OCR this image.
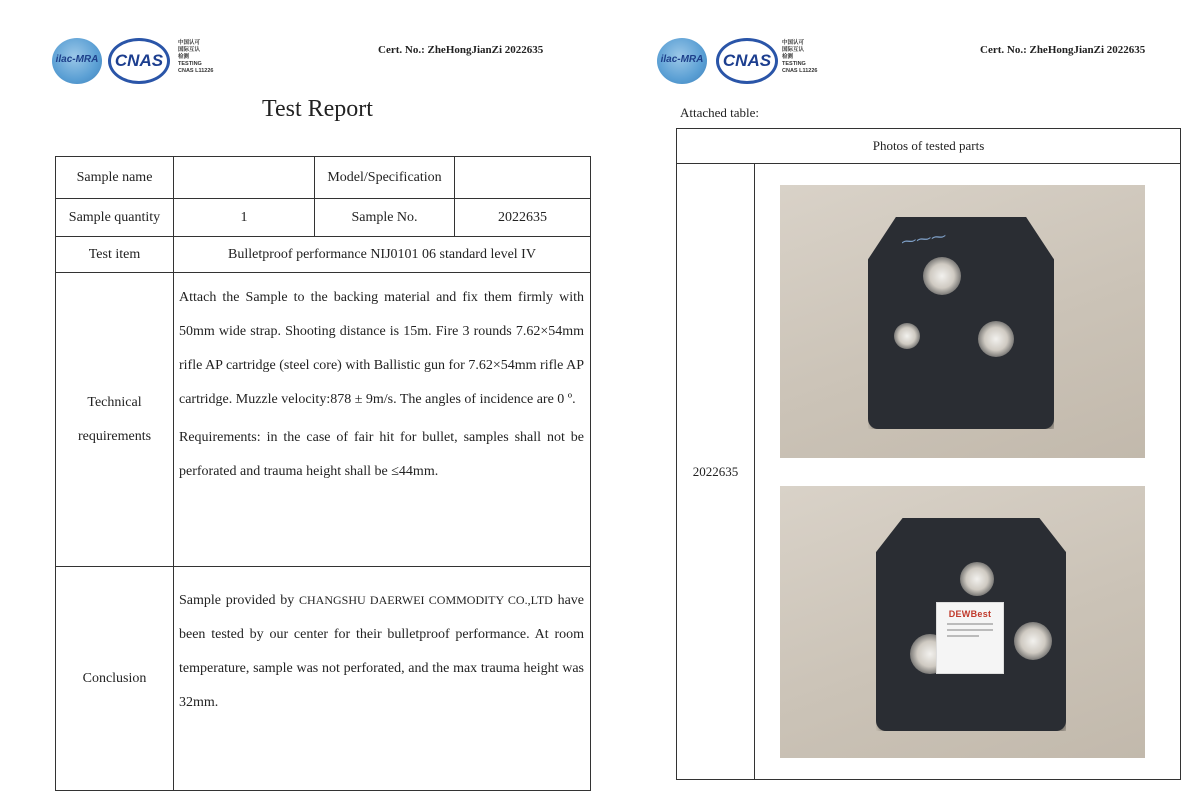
ilac-MRA CNAS
中国认可
国际互认
检测
TESTING
CNAS L11226
Cert. No.: ZheHongJianZi 2022635
Test Report
Sample name		Model/Specification	
Sample quantity	1	Sample No.	2022635
Test item	Bulletproof performance NIJ0101 06 standard level IV		
Technical requirements	Attach the Sample to the backing material and fix them firmly with 50mm wide strap. Shooting distance is 15m. Fire 3 rounds 7.62×54mm rifle AP cartridge (steel core) with Ballistic gun for 7.62×54mm rifle AP cartridge. Muzzle velocity:878 ± 9m/s. The angles of incidence are 0 º.

Requirements: in the case of fair hit for bullet, samples shall not be perforated and trauma height shall be ≤44mm.		

Conclusion	Sample provided by CHANGSHU DAERWEI COMMODITY CO.,LTD have been tested by our center for their bulletproof performance. At room temperature, sample was not perforated, and the max trauma height was 32mm.		
ilac-MRA CNAS
中国认可
国际互认
检测
TESTING
CNAS L11226
Cert. No.: ZheHongJianZi 2022635
Attached table:
Photos of tested parts
2022635	
⁓⁓⁓
DEWBest
